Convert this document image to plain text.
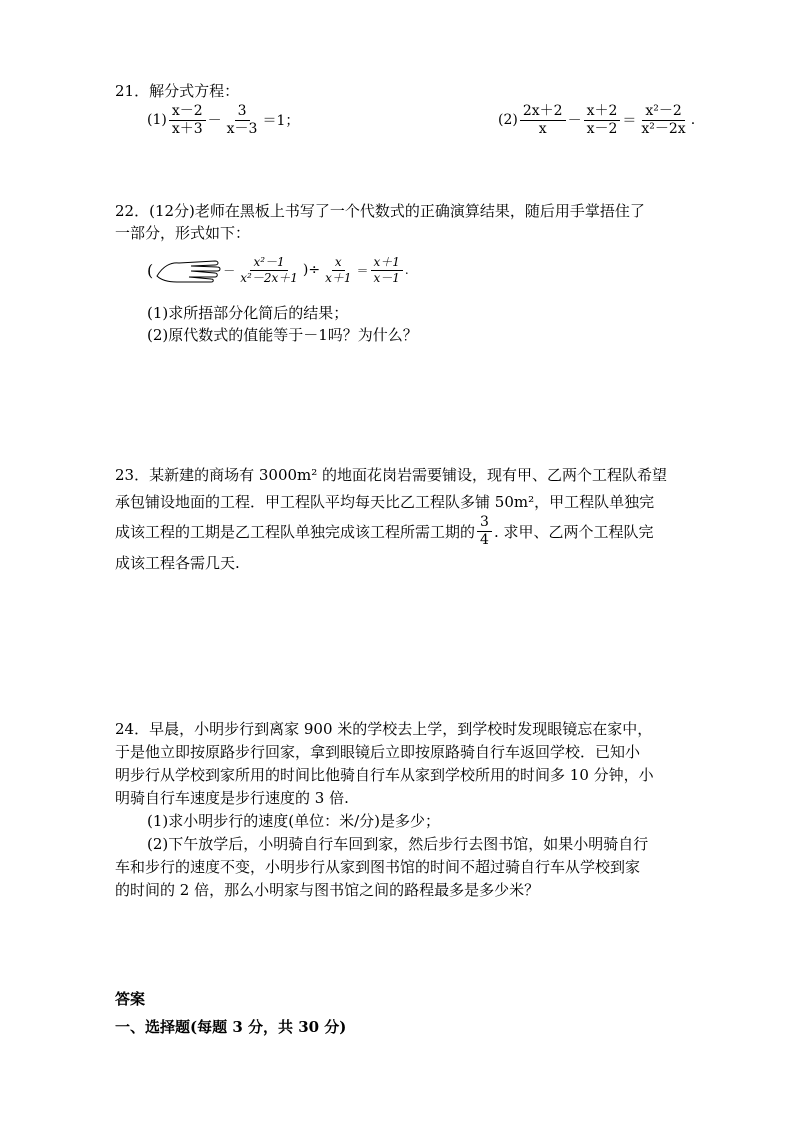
21．解分式方程：
$(1) \frac{x-2}{x+3} - \frac{3}{x-3} =1$；	$(2) \frac{2x+2}{x} - \frac{x+2}{x-2} = \frac{\text{x²－2}}{\text{x²－2x}}$ .
22．(12分)老师在黑板上书写了一个代数式的正确演算结果，随后用手掌捂住了
一部分，形式如下：
(	－ $\frac{\text{x²－1}}{\text{x²－2x＋1}}$ )÷ $\frac{x}{x+1} = \frac{x+1}{x-1}$ .
(1)求所捂部分化简后的结果；
(2)原代数式的值能等于－1吗？为什么？
23．某新建的商场有 3000m² 的地面花岗岩需要铺设，现有甲、乙两个工程队希望
承包铺设地面的工程．甲工程队平均每天比乙工程队多铺 50m²，甲工程队单独完
成该工程的工期是乙工程队单独完成该工程所需工期的 $\frac{3}{4}$ . 求甲、乙两个工程队完
成该工程各需几天.
24．早晨，小明步行到离家 900 米的学校去上学，到学校时发现眼镜忘在家中，
于是他立即按原路步行回家，拿到眼镜后立即按原路骑自行车返回学校．已知小
明步行从学校到家所用的时间比他骑自行车从家到学校所用的时间多 10 分钟，小
明骑自行车速度是步行速度的 3 倍.
(1)求小明步行的速度(单位：米/分)是多少；
(2)下午放学后，小明骑自行车回到家，然后步行去图书馆，如果小明骑自行
车和步行的速度不变，小明步行从家到图书馆的时间不超过骑自行车从学校到家
的时间的 2 倍，那么小明家与图书馆之间的路程最多是多少米？
答案
一、选择题(每题 3 分，共 30 分)
